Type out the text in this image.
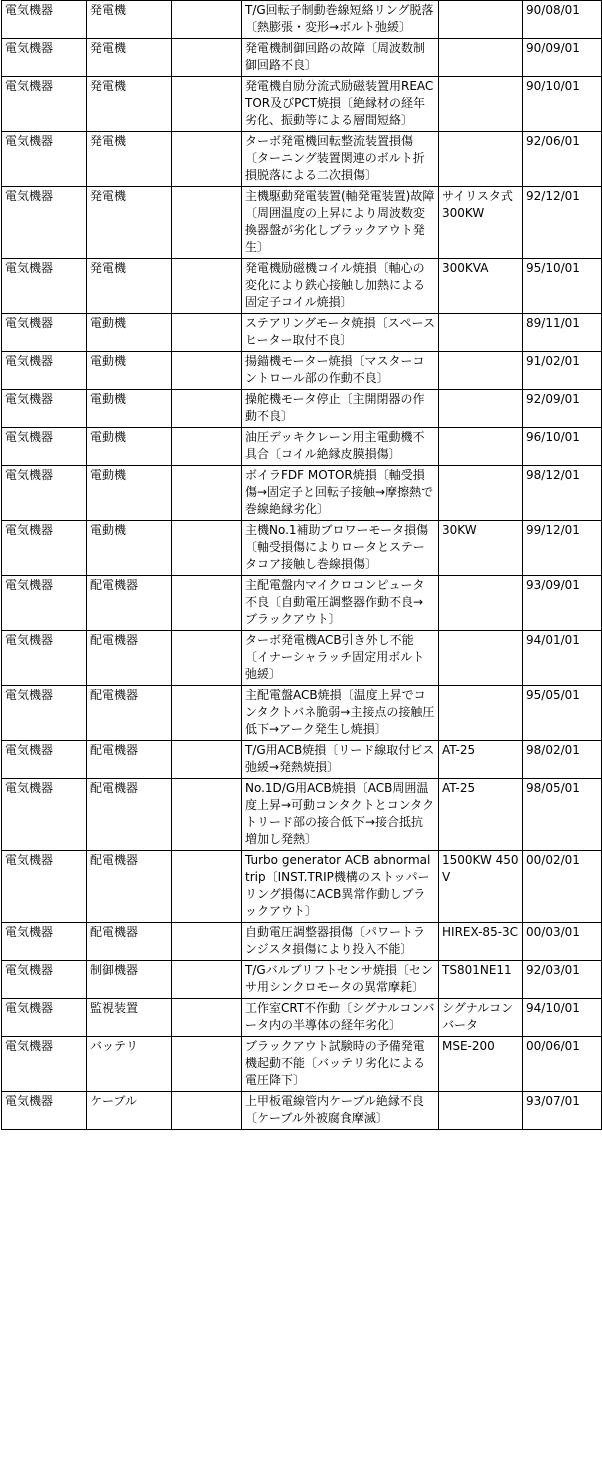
電気機器	発電機		T/G回転子制動巻線短絡リング脱落〔熱膨張・変形→ボルト弛緩〕		90/08/01
電気機器	発電機		発電機制御回路の故障〔周波数制御回路不良〕		90/09/01
電気機器	発電機		発電機自励分流式励磁装置用REACTOR及びPCT焼損〔絶縁材の経年劣化、振動等による層間短絡〕		90/10/01
電気機器	発電機		ターボ発電機回転整流装置損傷〔ターニング装置関連のボルト折損脱落による二次損傷〕		92/06/01
電気機器	発電機		主機駆動発電装置(軸発電装置)故障〔周囲温度の上昇により周波数変換器盤が劣化しブラックアウト発生〕	サイリスタ式300KW	92/12/01
電気機器	発電機		発電機励磁機コイル焼損〔軸心の変化により鉄心接触し加熱による固定子コイル焼損〕	300KVA	95/10/01
電気機器	電動機		ステアリングモータ焼損〔スペースヒーター取付不良〕		89/11/01
電気機器	電動機		揚錨機モーター焼損〔マスターコントロール部の作動不良〕		91/02/01
電気機器	電動機		操舵機モータ停止〔主開閉器の作動不良〕		92/09/01
電気機器	電動機		油圧デッキクレーン用主電動機不具合〔コイル絶縁皮膜損傷〕		96/10/01
電気機器	電動機		ボイラFDF MOTOR焼損〔軸受損傷→固定子と回転子接触→摩擦熱で巻線絶縁劣化〕		98/12/01
電気機器	電動機		主機No.1補助ブロワーモータ損傷〔軸受損傷によりロータとステータコア接触し巻線損傷〕	30KW	99/12/01
電気機器	配電機器		主配電盤内マイクロコンピュータ不良〔自動電圧調整器作動不良→ブラックアウト〕		93/09/01
電気機器	配電機器		ターボ発電機ACB引き外し不能〔イナーシャラッチ固定用ボルト弛緩〕		94/01/01
電気機器	配電機器		主配電盤ACB焼損〔温度上昇でコンタクトバネ脆弱→主接点の接触圧低下→アーク発生し焼損〕		95/05/01
電気機器	配電機器		T/G用ACB焼損〔リード線取付ビス弛緩→発熱焼損〕	AT-25	98/02/01
電気機器	配電機器		No.1D/G用ACB焼損〔ACB周囲温度上昇→可動コンタクトとコンタクトリード部の接合低下→接合抵抗増加し発熱〕	AT-25	98/05/01
電気機器	配電機器		Turbo generator ACB abnormal trip〔INST.TRIP機構のストッパーリング損傷にACB異常作動しブラックアウト〕	1500KW 450V	00/02/01
電気機器	配電機器		自動電圧調整器損傷〔パワートランジスタ損傷により投入不能〕	HIREX-85-3C	00/03/01
電気機器	制御機器		T/Gバルブリフトセンサ焼損〔センサ用シンクロモータの異常摩耗〕	TS801NE11	92/03/01
電気機器	監視装置		工作室CRT不作動〔シグナルコンバータ内の半導体の経年劣化〕	シグナルコンバータ	94/10/01
電気機器	バッテリ		ブラックアウト試験時の予備発電機起動不能〔バッテリ劣化による電圧降下〕	MSE-200	00/06/01
電気機器	ケーブル		上甲板電線管内ケーブル絶縁不良〔ケーブル外被腐食摩滅〕		93/07/01
